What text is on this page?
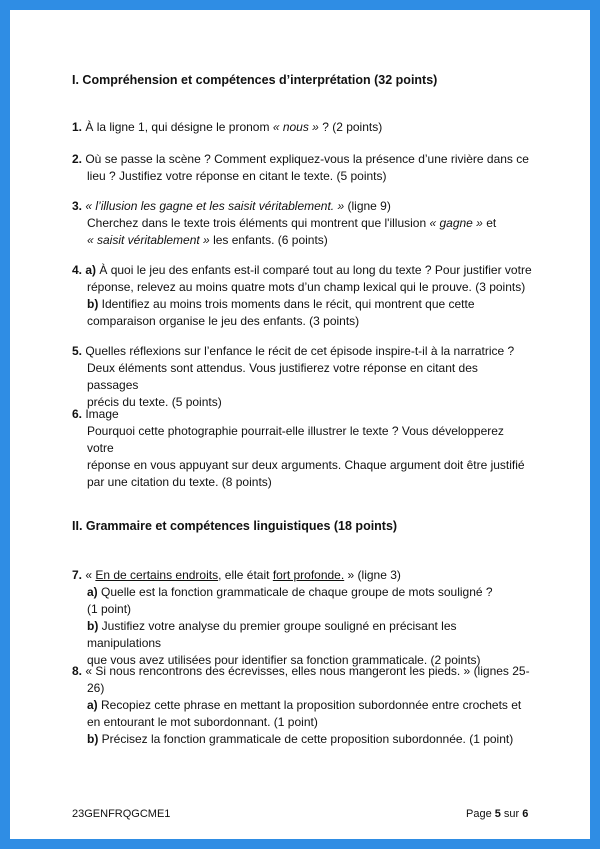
I. Compréhension et compétences d’interprétation (32 points)
1. À la ligne 1, qui désigne le pronom « nous » ? (2 points)
2. Où se passe la scène ? Comment expliquez-vous la présence d’une rivière dans ce
lieu ? Justifiez votre réponse en citant le texte. (5 points)
3. « l’illusion les gagne et les saisit véritablement. » (ligne 9)
Cherchez dans le texte trois éléments qui montrent que l'illusion « gagne » et
« saisit véritablement » les enfants. (6 points)
4. a) À quoi le jeu des enfants est-il comparé tout au long du texte ? Pour justifier votre
réponse, relevez au moins quatre mots d’un champ lexical qui le prouve. (3 points)
b) Identifiez au moins trois moments dans le récit, qui montrent que cette
comparaison organise le jeu des enfants. (3 points)
5. Quelles réflexions sur l’enfance le récit de cet épisode inspire-t-il à la narratrice ?
Deux éléments sont attendus. Vous justifierez votre réponse en citant des passages
précis du texte. (5 points)
6. Image
Pourquoi cette photographie pourrait-elle illustrer le texte ? Vous développerez votre
réponse en vous appuyant sur deux arguments. Chaque argument doit être justifié
par une citation du texte. (8 points)
II. Grammaire et compétences linguistiques (18 points)
7. « En de certains endroits, elle était fort profonde. » (ligne 3)
a) Quelle est la fonction grammaticale de chaque groupe de mots souligné ?
(1 point)
b) Justifiez votre analyse du premier groupe souligné en précisant les manipulations
que vous avez utilisées pour identifier sa fonction grammaticale. (2 points)
8. « Si nous rencontrons des écrevisses, elles nous mangeront les pieds. » (lignes 25-
26)
a) Recopiez cette phrase en mettant la proposition subordonnée entre crochets et
en entourant le mot subordonnant. (1 point)
b) Précisez la fonction grammaticale de cette proposition subordonnée. (1 point)
23GENFRQGCME1	Page 5 sur 6
